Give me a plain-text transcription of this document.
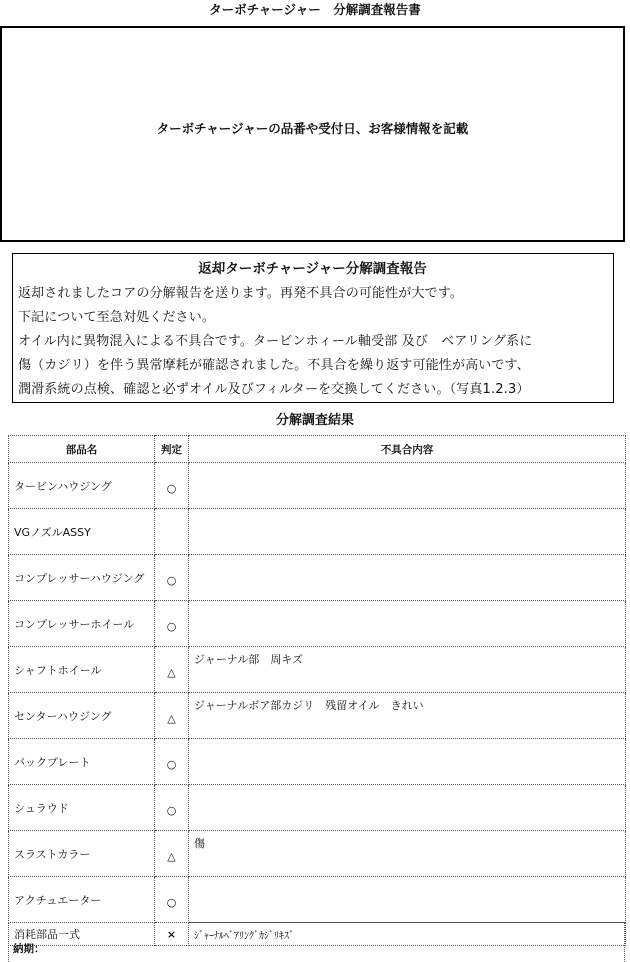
ターボチャージャー　分解調査報告書
ターボチャージャーの品番や受付日、お客様情報を記載
返却ターボチャージャー分解調査報告
返却されましたコアの分解報告を送ります。再発不具合の可能性が大です。
下記について至急対処ください。
オイル内に異物混入による不具合です。タービンホィール軸受部 及び　ベアリング系に
傷（カジリ）を伴う異常摩耗が確認されました。不具合を繰り返す可能性が高いです、
潤滑系統の点検、確認と必ずオイル及びフィルターを交換してください。（写真1.2.3）
分解調査結果
部品名	判定	不具合内容
タービンハウジング	○	
VGノズルASSY		
コンプレッサーハウジング	○	
コンプレッサーホイール	○	
シャフトホイール	△	ジャーナル部　周キズ
センターハウジング	△	ジャーナルボア部カジリ　残留オイル　きれい
バックプレート	○	
シュラウド	○	
スラストカラー	△	傷
アクチュエーター	○	
消耗部品一式	×	ｼﾞｬｰﾅﾙﾍﾞｱﾘﾝｸﾞｶｼﾞﾘｷｽﾞ
納期：
